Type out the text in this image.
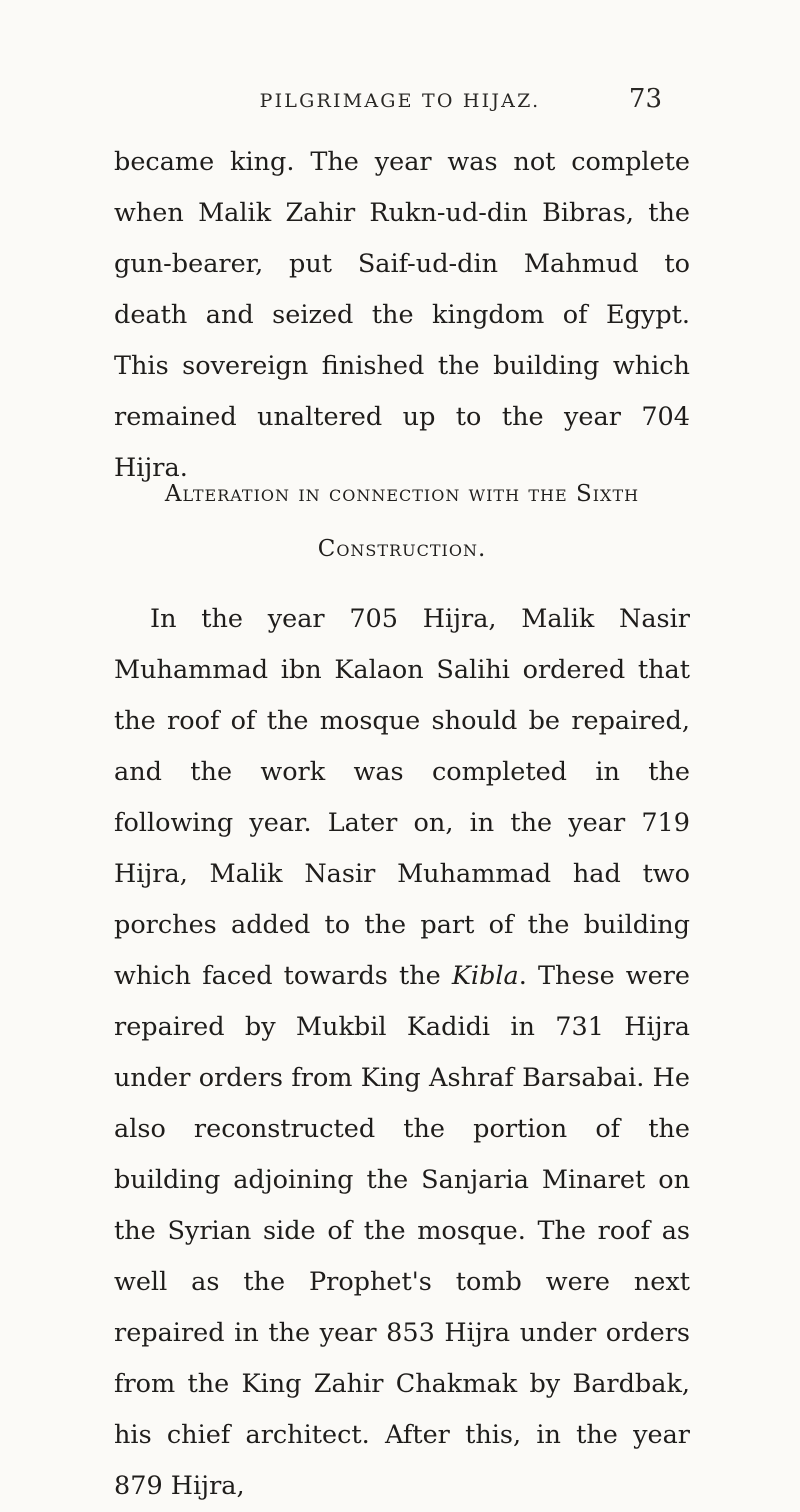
PILGRIMAGE TO HIJAZ.	73

became king. The year was not complete when Malik Zahir Rukn-ud-din Bibras, the gun-bearer, put Saif-ud-din Mahmud to death and seized the kingdom of Egypt. This sovereign finished the building which remained unaltered up to the year 704 Hijra.

Alteration in connection with the Sixth
Construction.

In the year 705 Hijra, Malik Nasir Muhammad ibn Kalaon Salihi ordered that the roof of the mosque should be repaired, and the work was completed in the following year. Later on, in the year 719 Hijra, Malik Nasir Muhammad had two porches added to the part of the building which faced towards the Kibla. These were repaired by Mukbil Kadidi in 731 Hijra under orders from King Ashraf Barsabai. He also reconstructed the portion of the building adjoining the Sanjaria Minaret on the Syrian side of the mosque. The roof as well as the Prophet's tomb were next repaired in the year 853 Hijra under orders from the King Zahir Chakmak by Bardbak, his chief architect. After this, in the year 879 Hijra,
